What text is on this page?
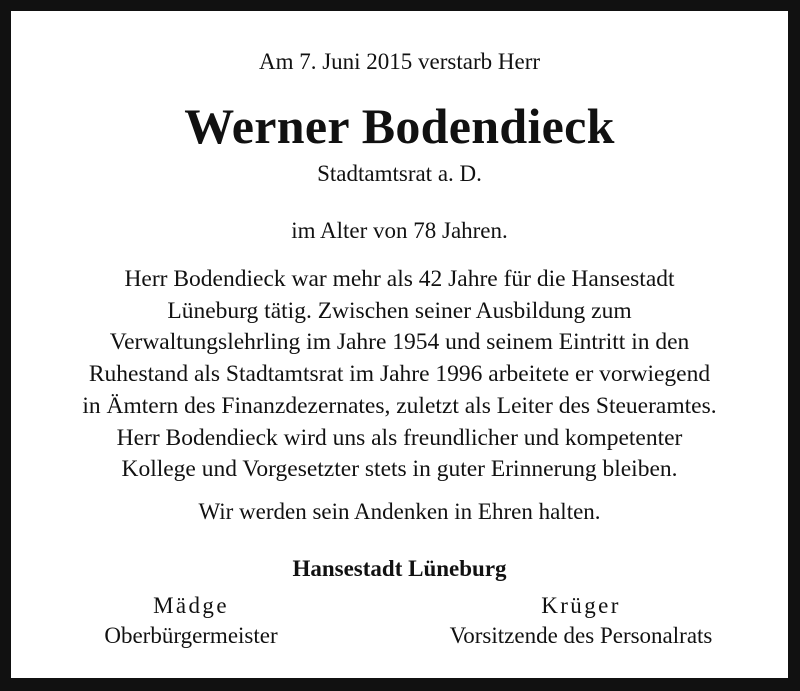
Am 7. Juni 2015 verstarb Herr
Werner Bodendieck
Stadtamtsrat a. D.
im Alter von 78 Jahren.
Herr Bodendieck war mehr als 42 Jahre für die Hansestadt
Lüneburg tätig. Zwischen seiner Ausbildung zum
Verwaltungslehrling im Jahre 1954 und seinem Eintritt in den
Ruhestand als Stadtamtsrat im Jahre 1996 arbeitete er vorwiegend
in Ämtern des Finanzdezernates, zuletzt als Leiter des Steueramtes.
Herr Bodendieck wird uns als freundlicher und kompetenter
Kollege und Vorgesetzter stets in guter Erinnerung bleiben.
Wir werden sein Andenken in Ehren halten.
Hansestadt Lüneburg
Mädge
Oberbürgermeister
Krüger
Vorsitzende des Personalrats
